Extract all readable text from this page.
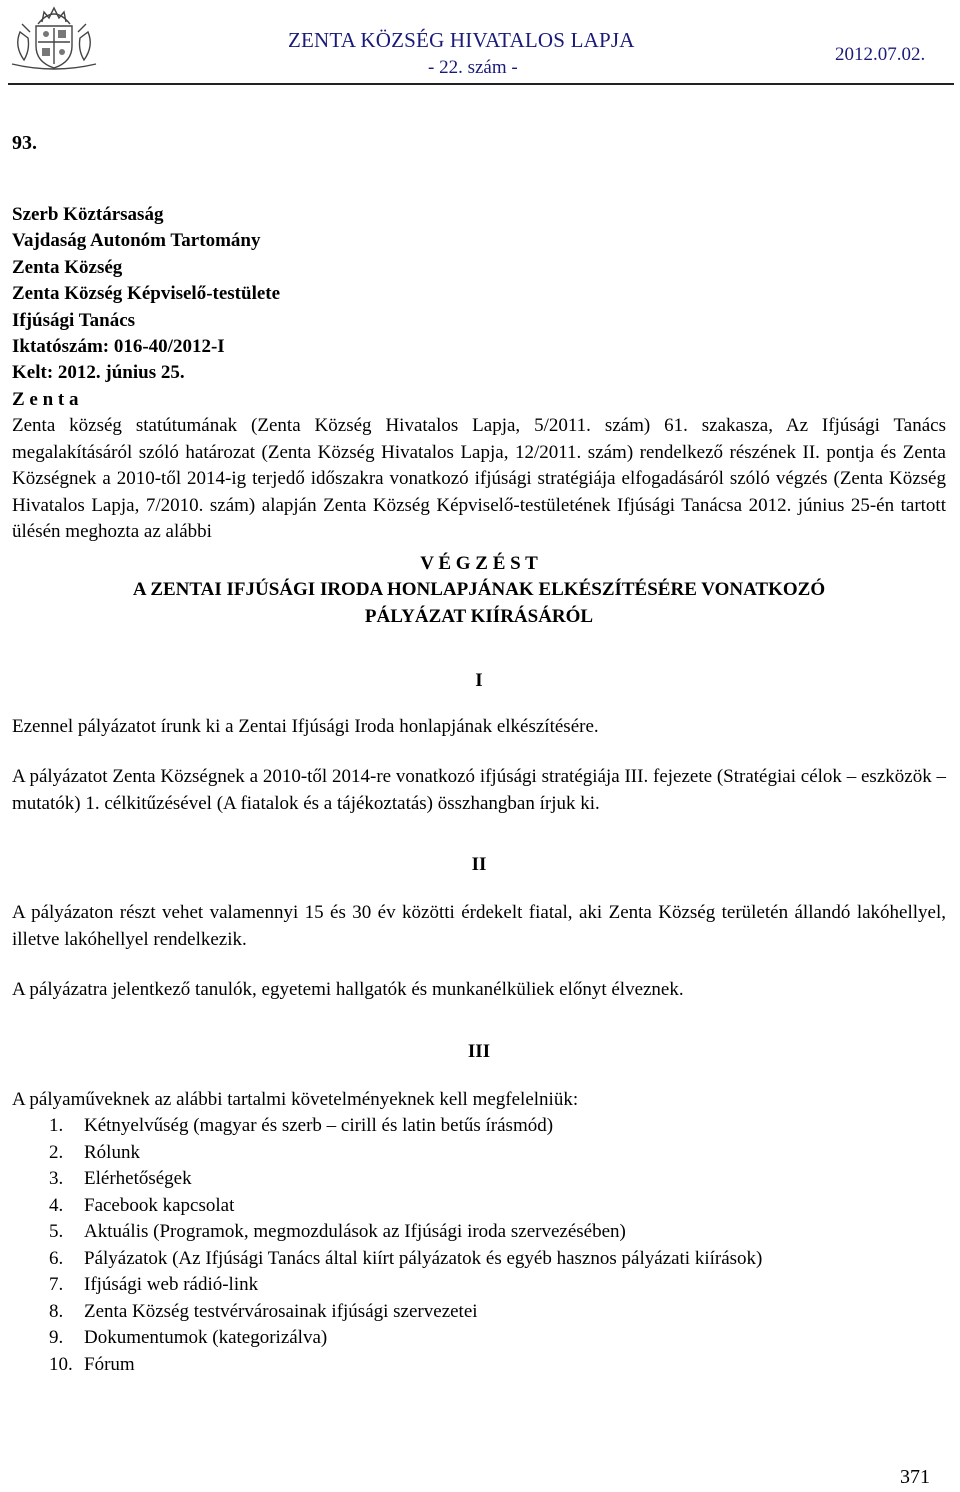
ZENTA KÖZSÉG HIVATALOS LAPJA
- 22. szám -
2012.07.02.

93.

Szerb Köztársaság
Vajdaság Autonóm Tartomány
Zenta Község
Zenta Község Képviselő-testülete
Ifjúsági Tanács
Iktatószám: 016-40/2012-I
Kelt: 2012. június 25.
Z e n t a

Zenta község statútumának (Zenta Község Hivatalos Lapja, 5/2011. szám) 61. szakasza, Az Ifjúsági Tanács megalakításáról szóló határozat (Zenta Község Hivatalos Lapja, 12/2011. szám) rendelkező részének II. pontja és Zenta Községnek a 2010-től 2014-ig terjedő időszakra vonatkozó ifjúsági stratégiája elfogadásáról szóló végzés (Zenta Község Hivatalos Lapja, 7/2010. szám) alapján Zenta Község Képviselő-testületének Ifjúsági Tanácsa 2012. június 25-én tartott ülésén meghozta az alábbi

V É G Z É S T
A ZENTAI IFJÚSÁGI IRODA HONLAPJÁNAK ELKÉSZÍTÉSÉRE VONATKOZÓ
PÁLYÁZAT KIÍRÁSÁRÓL

I

Ezennel pályázatot írunk ki a Zentai Ifjúsági Iroda honlapjának elkészítésére.

A pályázatot Zenta Községnek a 2010-től 2014-re vonatkozó ifjúsági stratégiája III. fejezete (Stratégiai célok – eszközök – mutatók) 1. célkitűzésével (A fiatalok és a tájékoztatás) összhangban írjuk ki.

II

A pályázaton részt vehet valamennyi 15 és 30 év közötti érdekelt fiatal, aki Zenta Község területén állandó lakóhellyel, illetve lakóhellyel rendelkezik.

A pályázatra jelentkező tanulók, egyetemi hallgatók és munkanélküliek előnyt élveznek.

III

A pályaműveknek az alábbi tartalmi követelményeknek kell megfelelniük:

1.	Kétnyelvűség (magyar és szerb – cirill és latin betűs írásmód)
2.	Rólunk
3.	Elérhetőségek
4.	Facebook kapcsolat
5.	Aktuális (Programok, megmozdulások az Ifjúsági iroda szervezésében)
6.	Pályázatok (Az Ifjúsági Tanács által kiírt pályázatok és egyéb hasznos pályázati kiírások)
7.	Ifjúsági web rádió-link
8.	Zenta Község testvérvárosainak ifjúsági szervezetei
9.	Dokumentumok (kategorizálva)
10. Fórum
371
